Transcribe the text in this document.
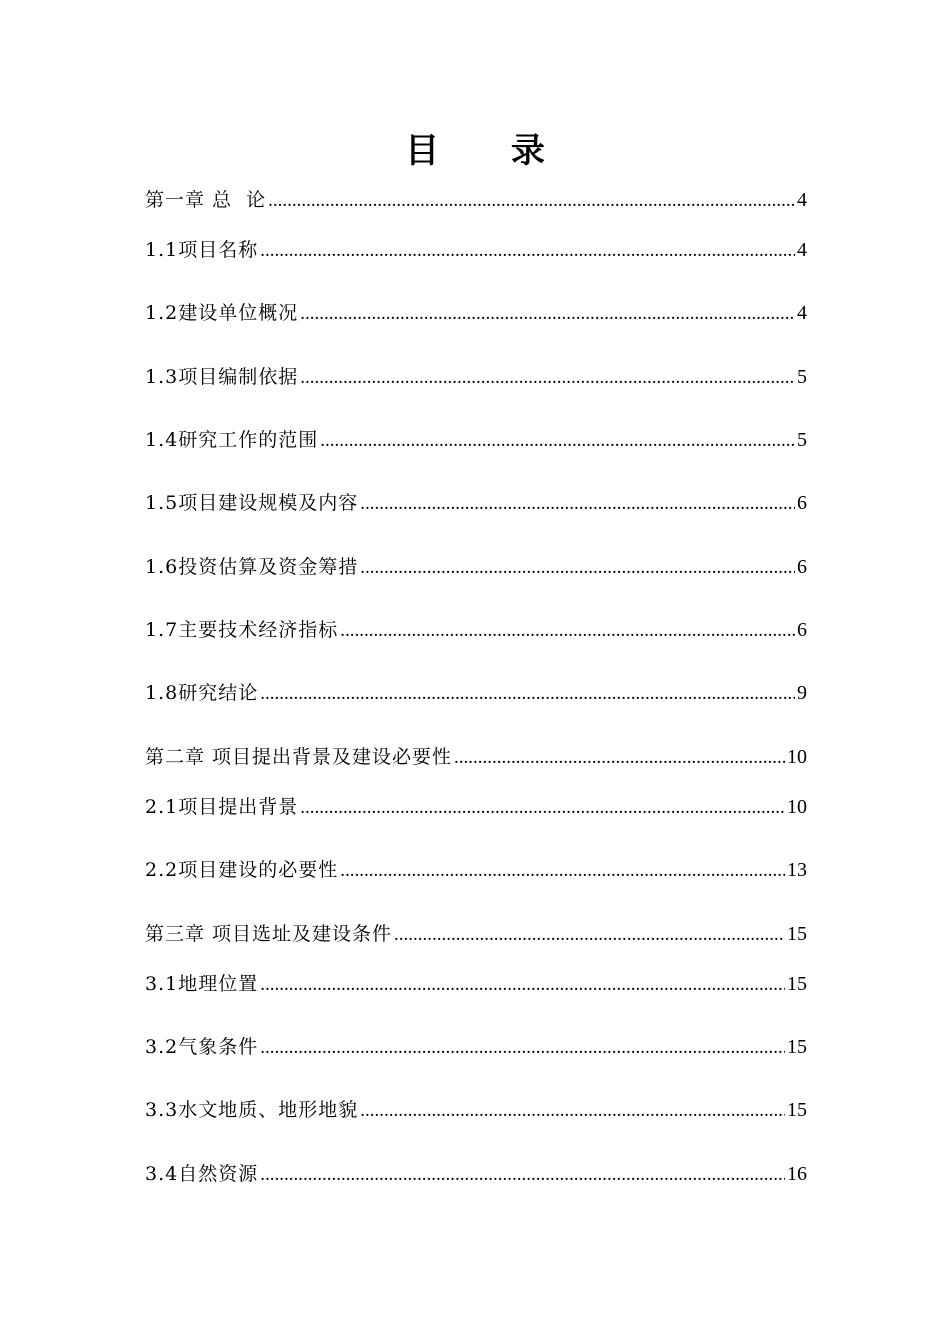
目 录
第一章 总  论 .....	4
1.1项目名称 .....	4
1.2建设单位概况 .....	4
1.3项目编制依据 .....	5
1.4研究工作的范围 .....	5
1.5项目建设规模及内容 .....	6
1.6投资估算及资金筹措 .....	6
1.7主要技术经济指标 .....	6
1.8研究结论 .....	9
第二章 项目提出背景及建设必要性 .....	10
2.1项目提出背景 .....	10
2.2项目建设的必要性 .....	13
第三章 项目选址及建设条件 .....	15
3.1地理位置 .....	15
3.2气象条件 .....	15
3.3水文地质、地形地貌 .....	15
3.4自然资源 .....	16
